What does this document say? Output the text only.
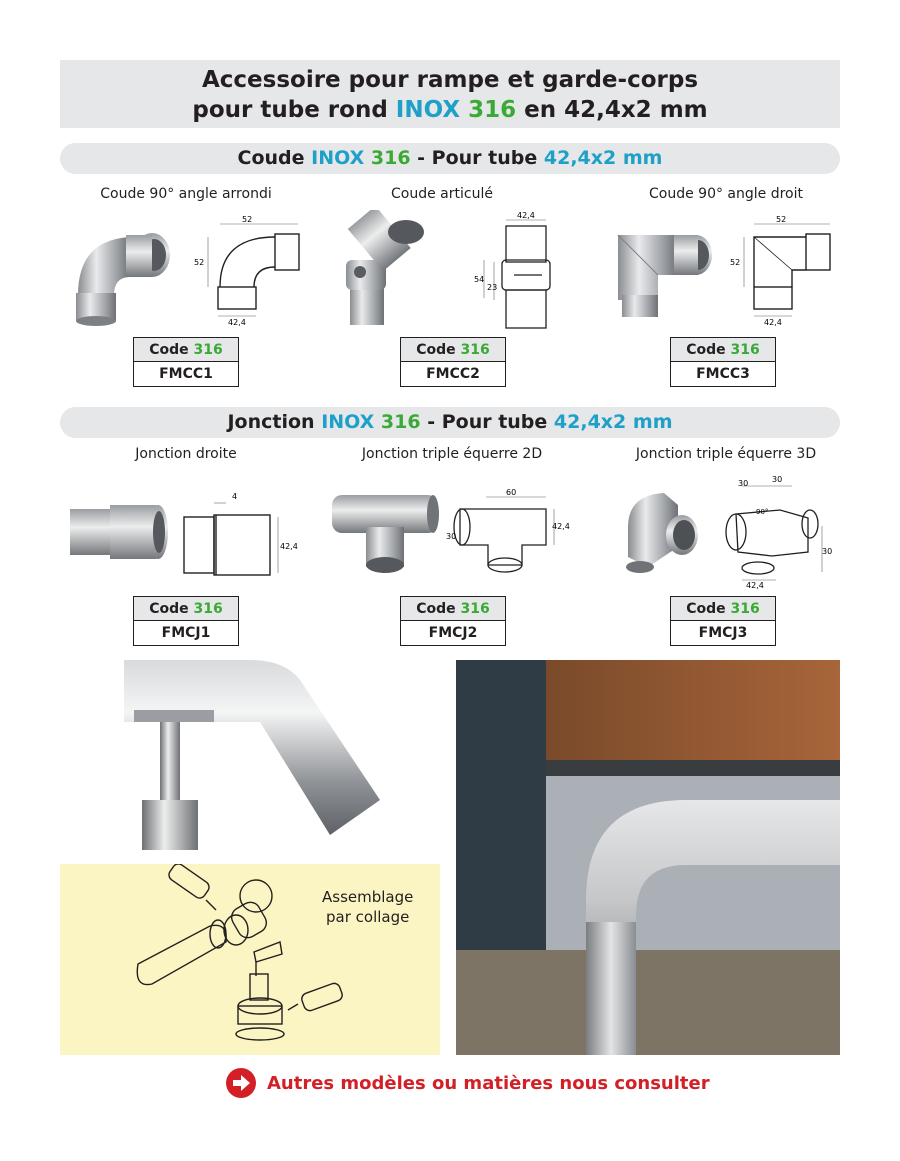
Accessoire pour rampe et garde-corps
pour tube rond INOX 316 en 42,4x2 mm
Coude INOX 316 - Pour tube 42,4x2 mm
Coude 90° angle arrondi	Coude articulé	Coude 90° angle droit
52
52
42,4
42,4
54
23
52
52
42,4
Code 316
FMCC1
Code 316
FMCC2
Code 316
FMCC3
Jonction INOX 316 - Pour tube 42,4x2 mm
Jonction droite	Jonction triple équerre 2D	Jonction triple équerre 3D
4
42,4
60
30
42,4
30	30
90°
30
42,4
Code 316
FMCJ1
Code 316
FMCJ2
Code 316
FMCJ3
Assemblage
par collage
Autres modèles ou matières nous consulter
